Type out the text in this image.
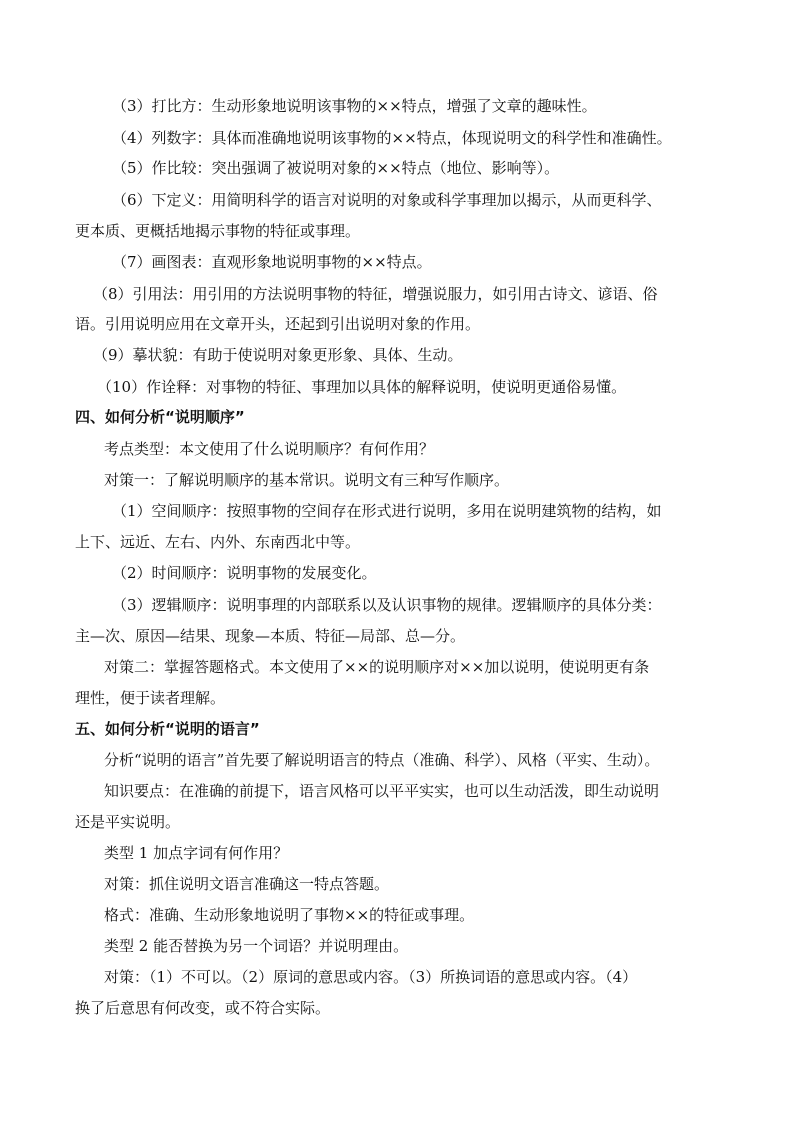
（3）打比方：生动形象地说明该事物的××特点，增强了文章的趣味性。
（4）列数字：具体而准确地说明该事物的××特点，体现说明文的科学性和准确性。
（5）作比较：突出强调了被说明对象的××特点（地位、影响等）。
（6）下定义：用简明科学的语言对说明的对象或科学事理加以揭示，从而更科学、
更本质、更概括地揭示事物的特征或事理。
（7）画图表：直观形象地说明事物的××特点。
（8）引用法：用引用的方法说明事物的特征，增强说服力，如引用古诗文、谚语、俗
语。引用说明应用在文章开头，还起到引出说明对象的作用。
（9）摹状貌：有助于使说明对象更形象、具体、生动。
（10）作诠释：对事物的特征、事理加以具体的解释说明，使说明更通俗易懂。
四、如何分析“说明顺序”
考点类型：本文使用了什么说明顺序？有何作用？
对策一：了解说明顺序的基本常识。说明文有三种写作顺序。
（1）空间顺序：按照事物的空间存在形式进行说明，多用在说明建筑物的结构，如
上下、远近、左右、内外、东南西北中等。
（2）时间顺序：说明事物的发展变化。
（3）逻辑顺序：说明事理的内部联系以及认识事物的规律。逻辑顺序的具体分类：
主—次、原因—结果、现象—本质、特征—局部、总—分。
对策二：掌握答题格式。本文使用了××的说明顺序对××加以说明，使说明更有条
理性，便于读者理解。
五、如何分析“说明的语言”
分析“说明的语言”首先要了解说明语言的特点（准确、科学）、风格（平实、生动）。
知识要点：在准确的前提下，语言风格可以平平实实，也可以生动活泼，即生动说明
还是平实说明。
类型 1 加点字词有何作用？
对策：抓住说明文语言准确这一特点答题。
格式：准确、生动形象地说明了事物××的特征或事理。
类型 2 能否替换为另一个词语？并说明理由。
对策：（1）不可以。（2）原词的意思或内容。（3）所换词语的意思或内容。（4）
换了后意思有何改变，或不符合实际。
